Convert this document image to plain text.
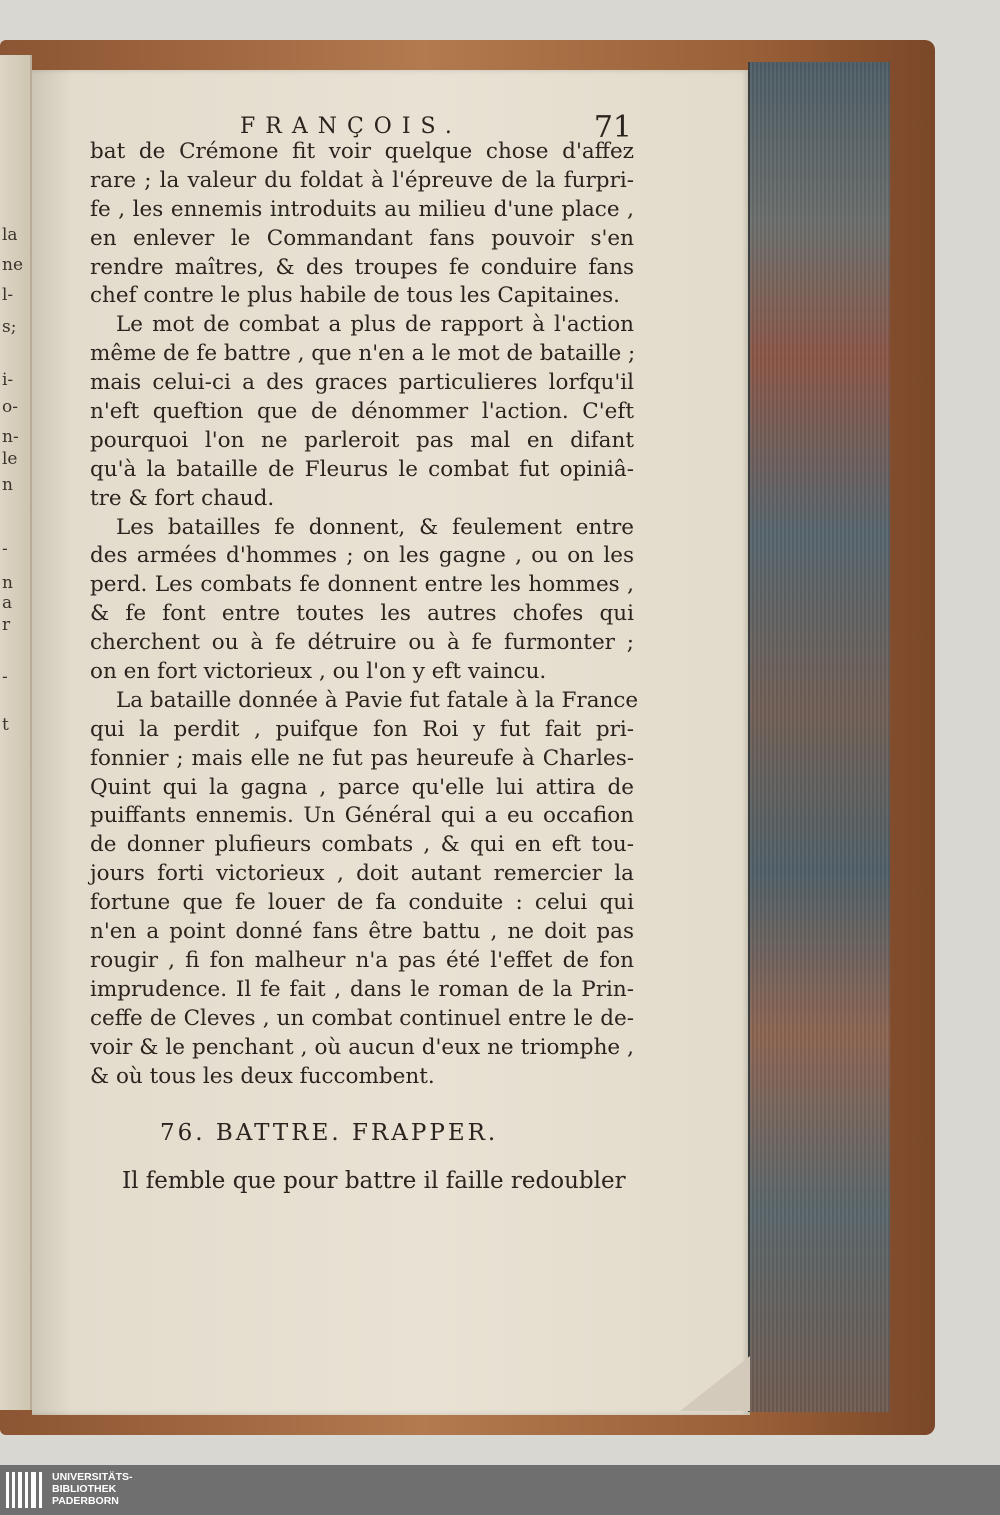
la
ne
l-
s;
i-
o-
n-
le
n
-
n
a
r
-
t
FRANÇOIS.	71
bat de Crémone fit voir quelque chose d'affez
rare ; la valeur du foldat à l'épreuve de la furpri-
fe , les ennemis introduits au milieu d'une place ,
en enlever le Commandant fans pouvoir s'en
rendre maîtres, & des troupes fe conduire fans
chef contre le plus habile de tous les Capitaines.
Le mot de combat a plus de rapport à l'action
même de fe battre , que n'en a le mot de bataille ;
mais celui-ci a des graces particulieres lorfqu'il
n'eft queftion que de dénommer l'action. C'eft
pourquoi l'on ne parleroit pas mal en difant
qu'à la bataille de Fleurus le combat fut opiniâ-
tre & fort chaud.
Les batailles fe donnent, & feulement entre
des armées d'hommes ; on les gagne , ou on les
perd. Les combats fe donnent entre les hommes ,
& fe font entre toutes les autres chofes qui
cherchent ou à fe détruire ou à fe furmonter ;
on en fort victorieux , ou l'on y eft vaincu.
La bataille donnée à Pavie fut fatale à la France
qui la perdit , puifque fon Roi y fut fait pri-
fonnier ; mais elle ne fut pas heureufe à Charles-
Quint qui la gagna , parce qu'elle lui attira de
puiffants ennemis. Un Général qui a eu occafion
de donner plufieurs combats , & qui en eft tou-
jours forti victorieux , doit autant remercier la
fortune que fe louer de fa conduite : celui qui
n'en a point donné fans être battu , ne doit pas
rougir , fi fon malheur n'a pas été l'effet de fon
imprudence. Il fe fait , dans le roman de la Prin-
ceffe de Cleves , un combat continuel entre le de-
voir & le penchant , où aucun d'eux ne triomphe ,
& où tous les deux fuccombent.
76. BATTRE. FRAPPER.
Il femble que pour battre il faille redoubler
UNIVERSITÄTS-
BIBLIOTHEK
PADERBORN
